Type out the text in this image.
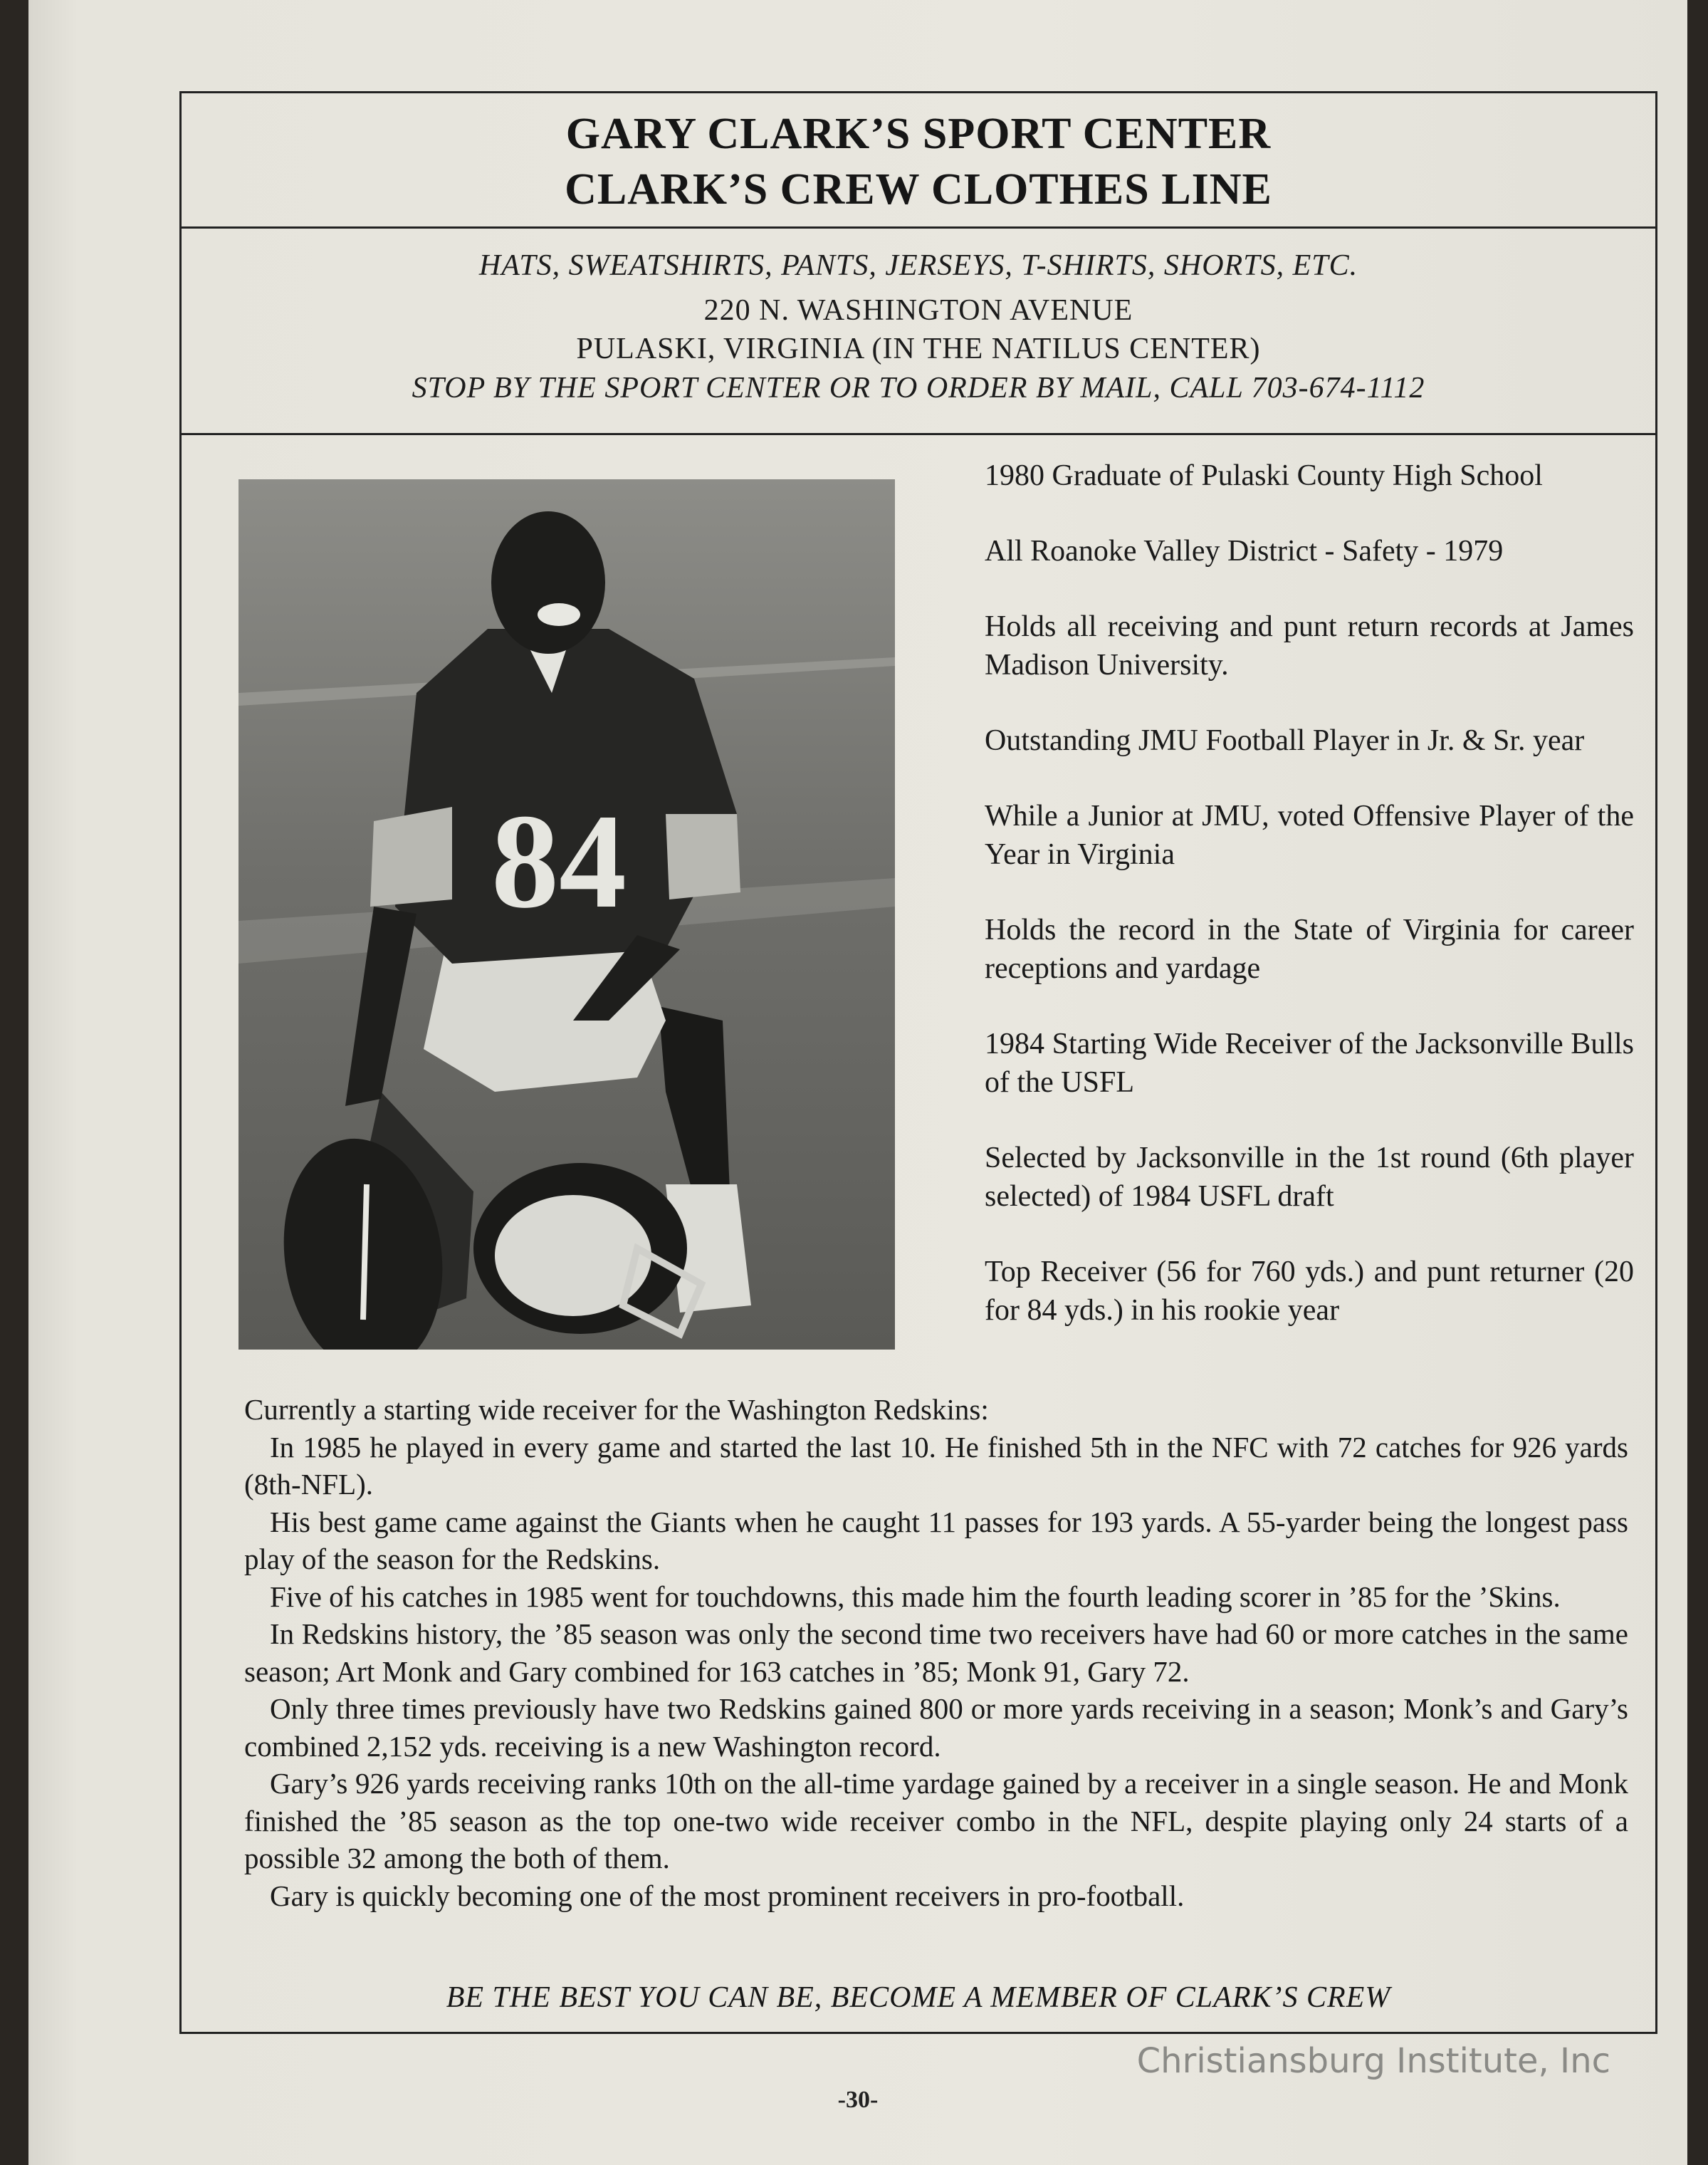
GARY CLARK’S SPORT CENTER
CLARK’S CREW CLOTHES LINE
HATS, SWEATSHIRTS, PANTS, JERSEYS, T-SHIRTS, SHORTS, ETC.
220 N. WASHINGTON AVENUE
PULASKI, VIRGINIA (IN THE NATILUS CENTER)
STOP BY THE SPORT CENTER OR TO ORDER BY MAIL, CALL 703-674-1112
84

1980 Graduate of Pulaski County High School

All Roanoke Valley District - Safety - 1979

Holds all receiving and punt return records at James Madison University.

Outstanding JMU Football Player in Jr. & Sr. year

While a Junior at JMU, voted Offensive Player of the Year in Virginia

Holds the record in the State of Virginia for career receptions and yardage

1984 Starting Wide Receiver of the Jacksonville Bulls of the USFL

Selected by Jacksonville in the 1st round (6th player selected) of 1984 USFL draft

Top Receiver (56 for 760 yds.) and punt returner (20 for 84 yds.) in his rookie year

Currently a starting wide receiver for the Washington Redskins:

In 1985 he played in every game and started the last 10. He finished 5th in the NFC with 72 catches for 926 yards (8th-NFL).

His best game came against the Giants when he caught 11 passes for 193 yards. A 55-yarder being the longest pass play of the season for the Redskins.

Five of his catches in 1985 went for touchdowns, this made him the fourth leading scorer in ’85 for the ’Skins.

In Redskins history, the ’85 season was only the second time two receivers have had 60 or more catches in the same season; Art Monk and Gary combined for 163 catches in ’85; Monk 91, Gary 72.

Only three times previously have two Redskins gained 800 or more yards receiving in a season; Monk’s and Gary’s combined 2,152 yds. receiving is a new Washington record.

Gary’s 926 yards receiving ranks 10th on the all-time yardage gained by a receiver in a single season. He and Monk finished the ’85 season as the top one-two wide receiver combo in the NFL, despite playing only 24 starts of a possible 32 among the both of them.

Gary is quickly becoming one of the most prominent receivers in pro-football.

BE THE BEST YOU CAN BE, BECOME A MEMBER OF CLARK’S CREW
-30-
Christiansburg Institute, Inc
